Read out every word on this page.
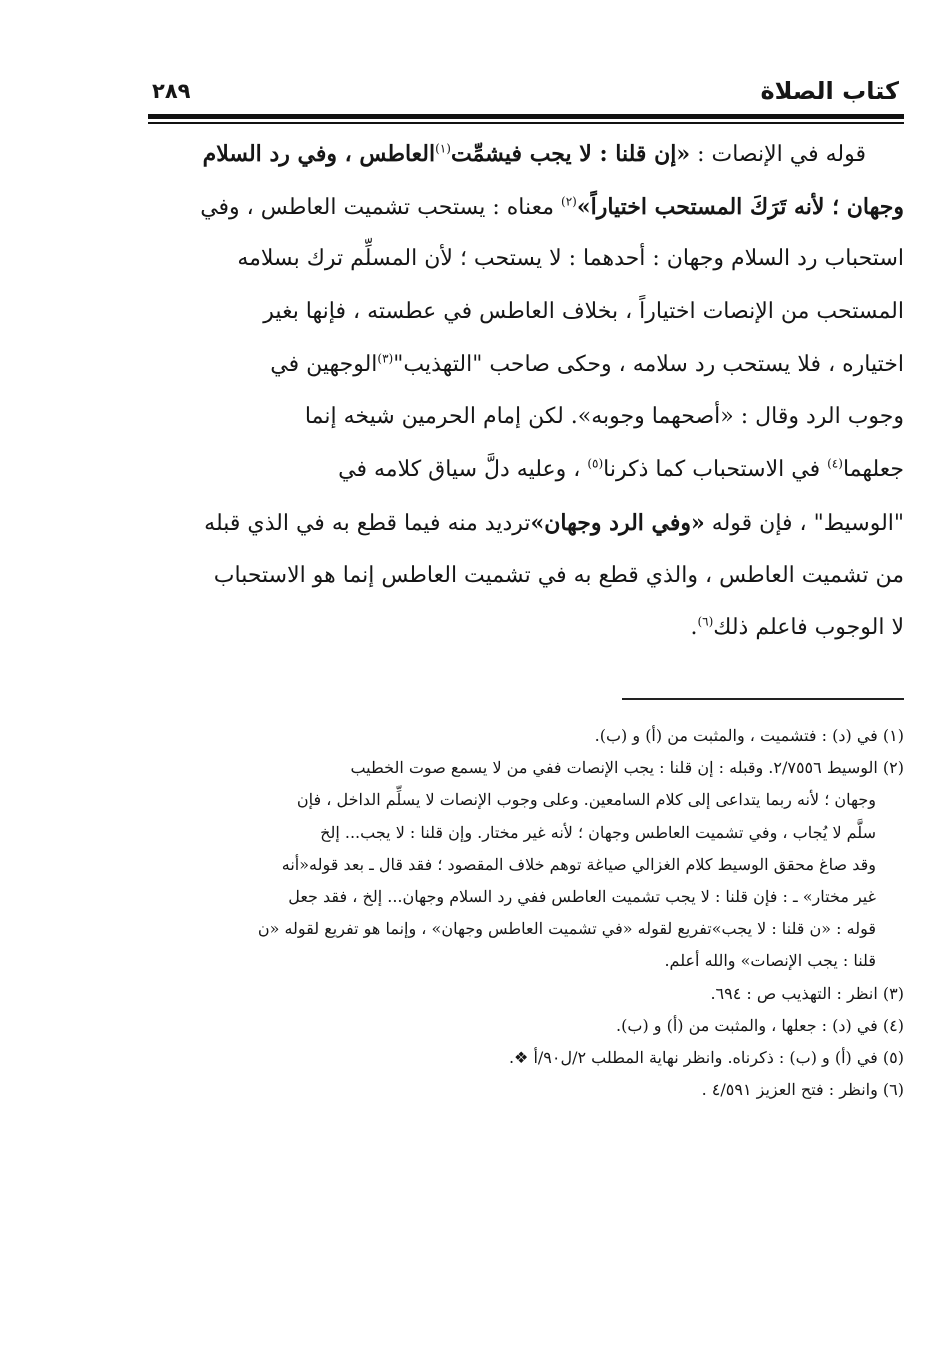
كتاب الصلاة
٢٨٩
قوله في الإنصات : «إن قلنا : لا يجب فيشمِّت$^{(١)}$العاطس ، وفي رد السلام
وجهان ؛ لأنه تَرَكَ المستحب اختياراً»$^{(٢)}$ معناه : يستحب تشميت العاطس ، وفي
استحباب رد السلام وجهان : أحدهما : لا يستحب ؛ لأن المسلِّم ترك بسلامه
المستحب من الإنصات اختياراً ، بخلاف العاطس في عطسته ، فإنها بغير
اختياره ، فلا يستحب رد سلامه ، وحكى صاحب "التهذيب"$^{(٣)}$الوجهين في
وجوب الرد وقال : «أصحهما وجوبه». لكن إمام الحرمين شيخه إنما
جعلهما$^{(٤)}$ في الاستحباب كما ذكرنا$^{(٥)}$ ، وعليه دلَّ سياق كلامه في
"الوسيط" ، فإن قوله «وفي الرد وجهان»ترديد منه فيما قطع به في الذي قبله
من تشميت العاطس ، والذي قطع به في تشميت العاطس إنما هو الاستحباب
لا الوجوب فاعلم ذلك$^{(٦)}$.
(١) في (د) : فتشميت ، والمثبت من (أ) و (ب).
(٢) الوسيط ٢/٧٥٥٦. وقبله : إن قلنا : يجب الإنصات ففي من لا يسمع صوت الخطيب
وجهان ؛ لأنه ربما يتداعى إلى كلام السامعين. وعلى وجوب الإنصات لا يسلِّم الداخل ، فإن
سلَّم لا يُجاب ، وفي تشميت العاطس وجهان ؛ لأنه غير مختار. وإن قلنا : لا يجب... إلخ
وقد صاغ محقق الوسيط كلام الغزالي صياغة توهم خلاف المقصود ؛ فقد قال ـ بعد قوله«أنه
غير مختار» ـ : فإن قلنا : لا يجب تشميت العاطس ففي رد السلام وجهان... إلخ ، فقد جعل
قوله : «ن قلنا : لا يجب»تفريع لقوله «في تشميت العاطس وجهان» ، وإنما هو تفريع لقوله «ن
قلنا : يجب الإنصات» والله أعلم.
(٣) انظر : التهذيب ص : ٦٩٤.
(٤) في (د) : جعلها ، والمثبت من (أ) و (ب).
(٥) في (أ) و (ب) : ذكرناه. وانظر نهاية المطلب ٢/ل٩٠/أ ❖.
(٦) وانظر : فتح العزيز ٤/٥٩١ .
